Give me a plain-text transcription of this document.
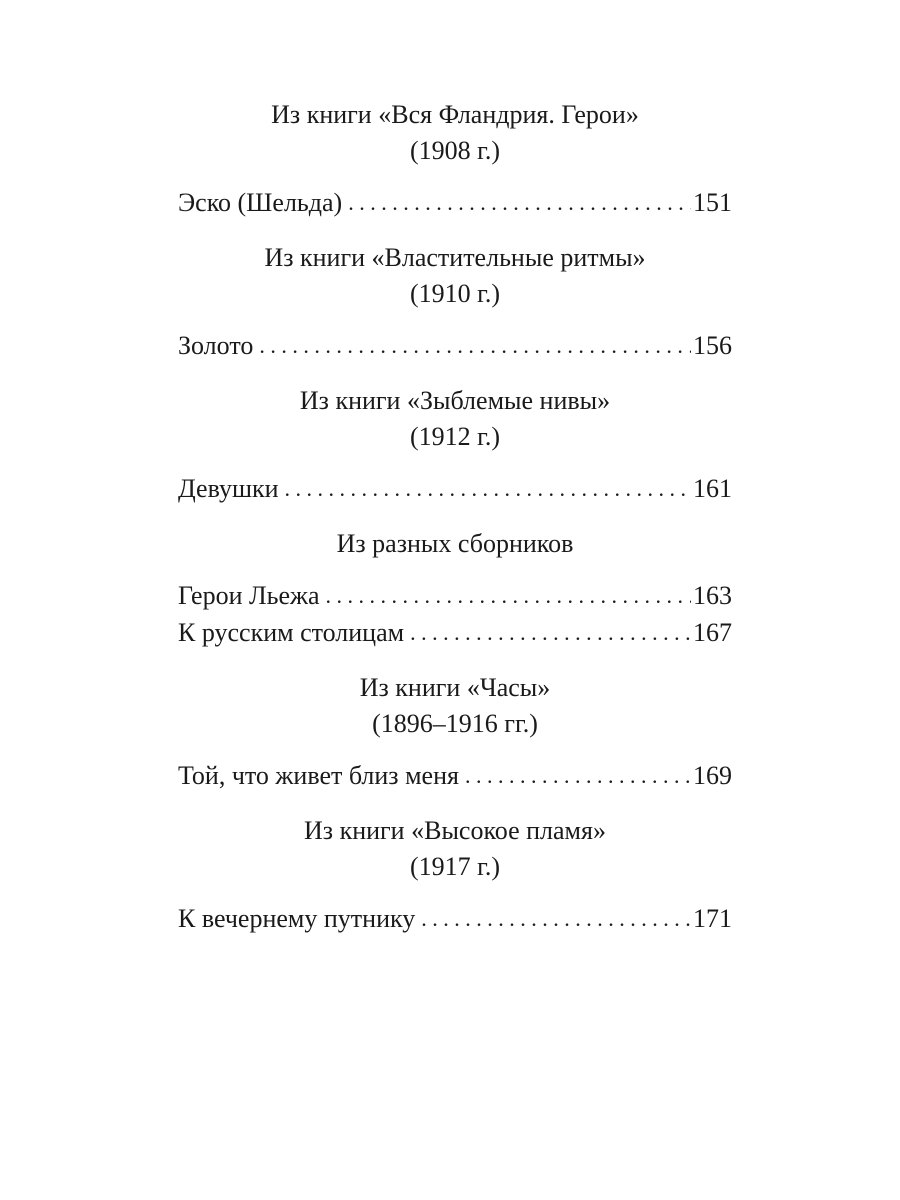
Из книги «Вся Фландрия. Герои»
(1908 г.)
Эско (Шельда) . . .	151
Из книги «Властительные ритмы»
(1910 г.)
Золото . . .	156
Из книги «Зыблемые нивы»
(1912 г.)
Девушки . . .	161
Из разных сборников
Герои Льежа . . .	163
К русским столицам . . .	167
Из книги «Часы»
(1896–1916 гг.)
Той, что живет близ меня . . .	169
Из книги «Высокое пламя»
(1917 г.)
К вечернему путнику . . .	171
